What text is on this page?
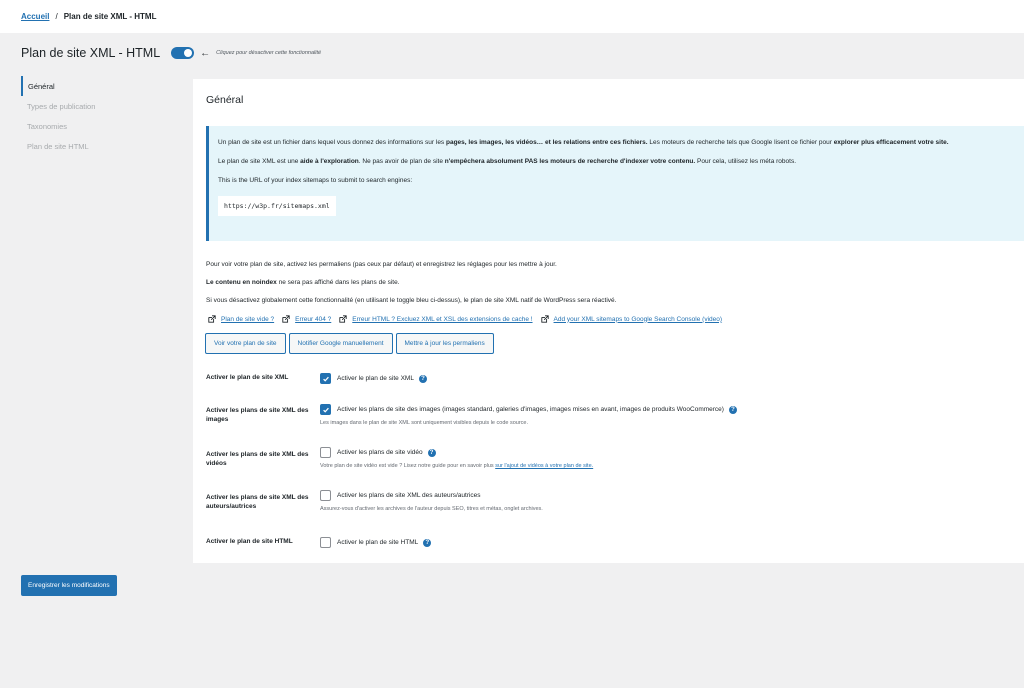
Accueil / Plan de site XML - HTML
Plan de site XML - HTML	← Cliquez pour désactiver cette fonctionnalité
Général
Types de publication
Taxonomies
Plan de site HTML
Général

Un plan de site est un fichier dans lequel vous donnez des informations sur les pages, les images, les vidéos… et les relations entre ces fichiers. Les moteurs de recherche tels que Google lisent ce fichier pour explorer plus efficacement votre site.

Le plan de site XML est une aide à l'exploration. Ne pas avoir de plan de site n'empêchera absolument PAS les moteurs de recherche d'indexer votre contenu. Pour cela, utilisez les méta robots.

This is the URL of your index sitemaps to submit to search engines:

https://w3p.fr/sitemaps.xml

Pour voir votre plan de site, activez les permaliens (pas ceux par défaut) et enregistrez les réglages pour les mettre à jour.

Le contenu en noindex ne sera pas affiché dans les plans de site.

Si vous désactivez globalement cette fonctionnalité (en utilisant le toggle bleu ci-dessus), le plan de site XML natif de WordPress sera réactivé.

Plan de site vide ?	Erreur 404 ?	Erreur HTML ? Excluez XML et XSL des extensions de cache !	Add your XML sitemaps to Google Search Console (video)
Voir votre plan de site	Notifier Google manuellement	Mettre à jour les permaliens
Activer le plan de site XML	Activer le plan de site XML	?
Activer les plans de site XML des images
Activer les plans de site des images (images standard, galeries d'images, images mises en avant, images de produits WooCommerce)	?
Les images dans le plan de site XML sont uniquement visibles depuis le code source.
Activer les plans de site XML des vidéos
Activer les plans de site vidéo	?
Votre plan de site vidéo est vide ? Lisez notre guide pour en savoir plus sur l'ajout de vidéos à votre plan de site.
Activer les plans de site XML des auteurs/autrices
Activer les plans de site XML des auteurs/autrices
Assurez-vous d'activer les archives de l'auteur depuis SEO, titres et métas, onglet archives.
Activer le plan de site HTML	Activer le plan de site HTML	?
Enregistrer les modifications
